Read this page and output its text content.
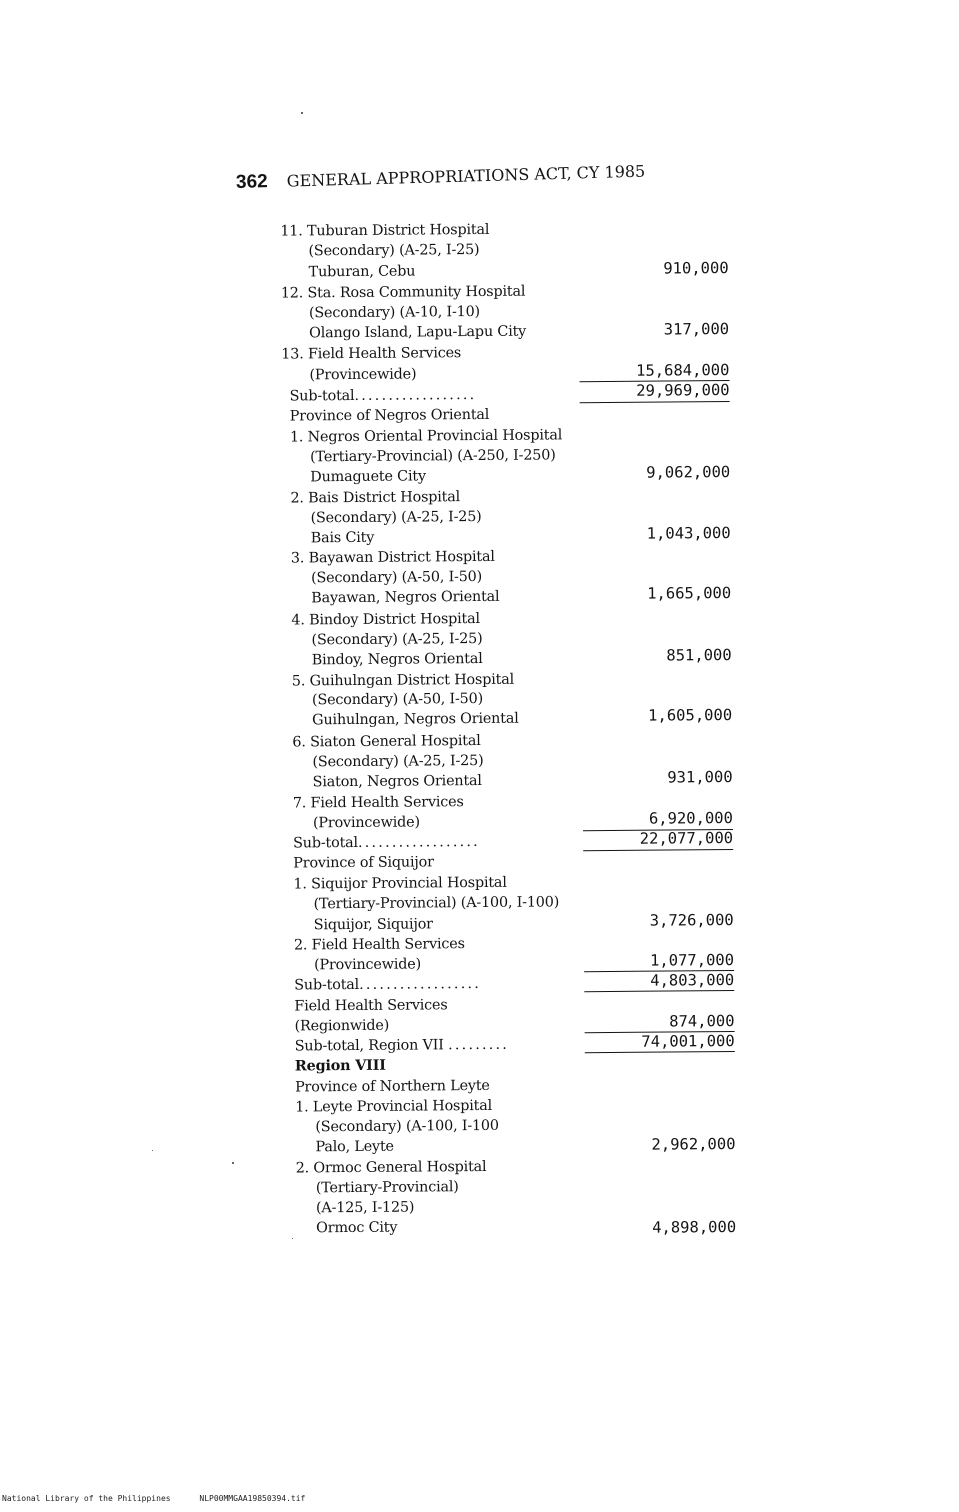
362 GENERAL APPROPRIATIONS ACT, CY 1985
11. Tuburan District Hospital
(Secondary) (A-25, I-25)
Tuburan, Cebu	910,000
12. Sta. Rosa Community Hospital
(Secondary) (A-10, I-10)
Olango Island, Lapu-Lapu City	317,000
13. Field Health Services
(Provincewide)	15,684,000
Sub-total..................	29,969,000
Province of Negros Oriental
1. Negros Oriental Provincial Hospital
(Tertiary-Provincial) (A-250, I-250)
Dumaguete City	9,062,000
2. Bais District Hospital
(Secondary) (A-25, I-25)
Bais City	1,043,000
3. Bayawan District Hospital
(Secondary) (A-50, I-50)
Bayawan, Negros Oriental	1,665,000
4. Bindoy District Hospital
(Secondary) (A-25, I-25)
Bindoy, Negros Oriental	851,000
5. Guihulngan District Hospital
(Secondary) (A-50, I-50)
Guihulngan, Negros Oriental	1,605,000
6. Siaton General Hospital
(Secondary) (A-25, I-25)
Siaton, Negros Oriental	931,000
7. Field Health Services
(Provincewide)	6,920,000
Sub-total..................	22,077,000
Province of Siquijor
1. Siquijor Provincial Hospital
(Tertiary-Provincial) (A-100, I-100)
Siquijor, Siquijor	3,726,000
2. Field Health Services
(Provincewide)	1,077,000
Sub-total..................	4,803,000
Field Health Services
(Regionwide)	874,000
Sub-total, Region VII .........	74,001,000
Region VIII
Province of Northern Leyte
1. Leyte Provincial Hospital
(Secondary) (A-100, I-100
Palo, Leyte	2,962,000
2. Ormoc General Hospital
(Tertiary-Provincial)
(A-125, I-125)
Ormoc City	4,898,000
National Library of the Philippines	NLP00MMGAA19850394.tif
